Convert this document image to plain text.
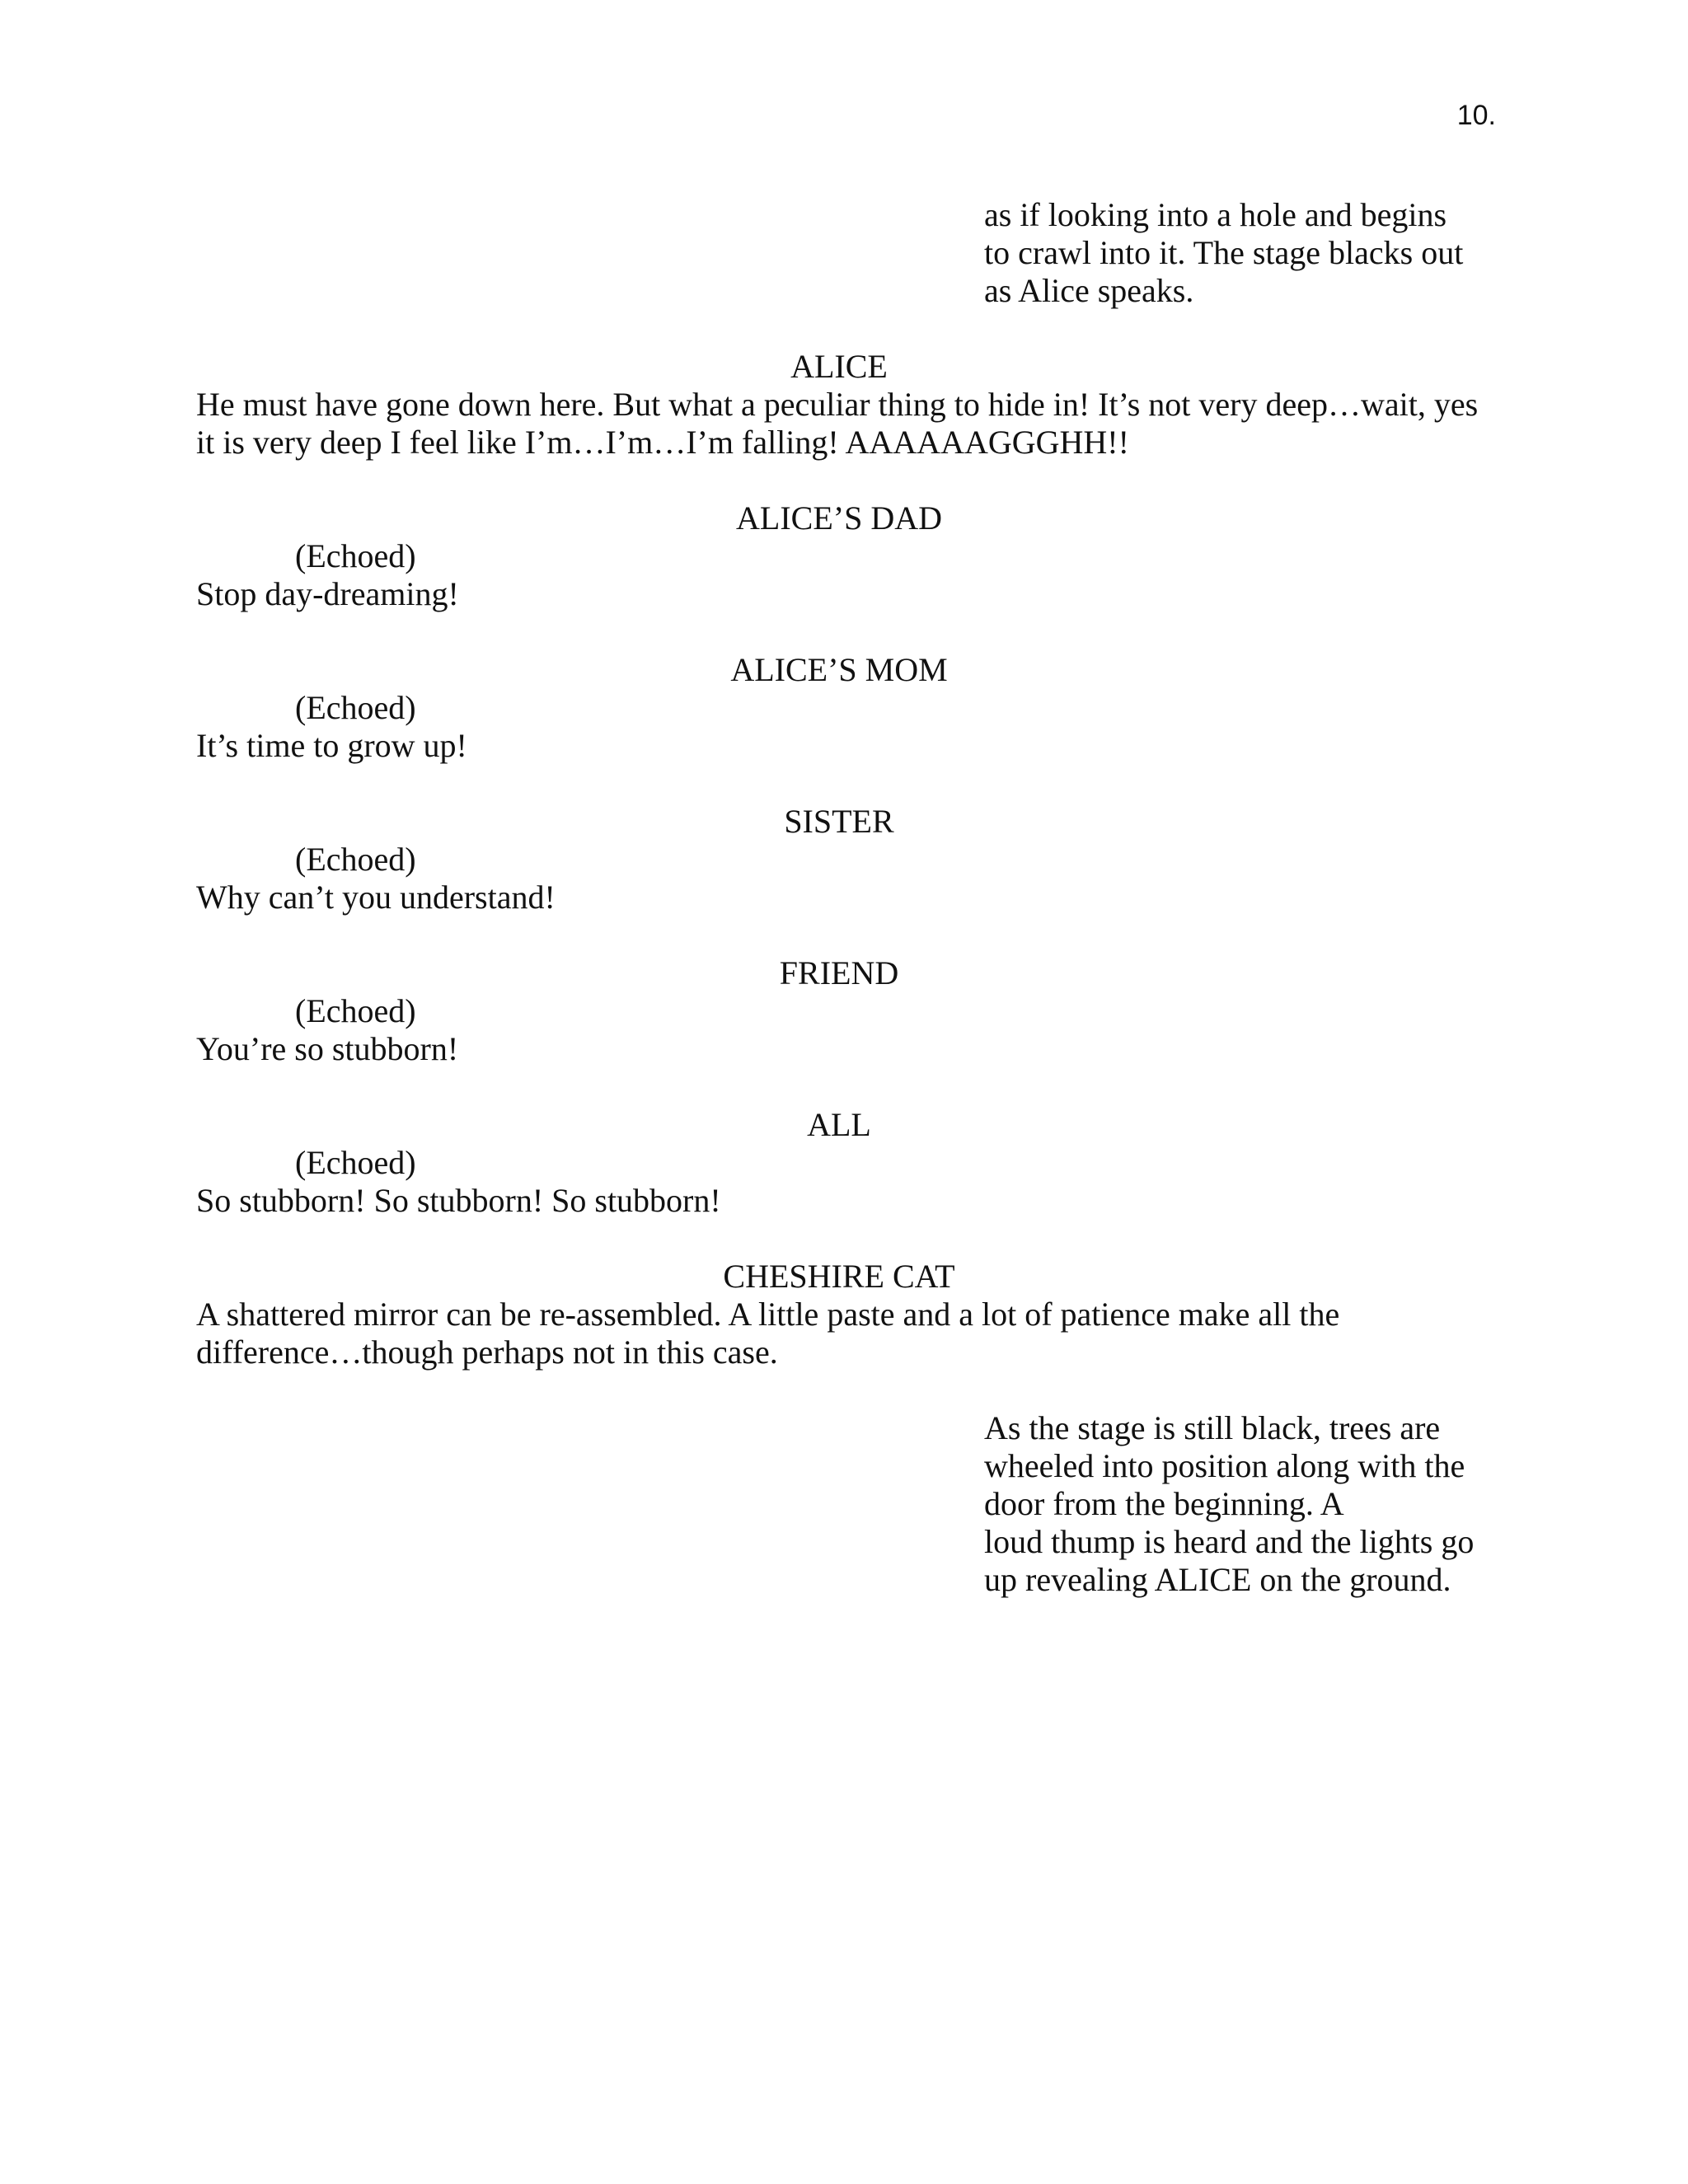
10.
as if looking into a hole and begins
to crawl into it. The stage blacks out
as Alice speaks.
ALICE
He must have gone down here. But what a peculiar thing to hide in! It’s not very deep…wait, yes
it is very deep I feel like I’m…I’m…I’m falling! AAAAAAGGGHH!!
ALICE’S DAD
(Echoed)
Stop day-dreaming!
ALICE’S MOM
(Echoed)
It’s time to grow up!
SISTER
(Echoed)
Why can’t you understand!
FRIEND
(Echoed)
You’re so stubborn!
ALL
(Echoed)
So stubborn! So stubborn! So stubborn!
CHESHIRE CAT
A shattered mirror can be re-assembled. A little paste and a lot of patience make all the
difference…though perhaps not in this case.
As the stage is still black, trees are
wheeled into position along with the
door from the beginning. A
loud thump is heard and the lights go
up revealing ALICE on the ground.
